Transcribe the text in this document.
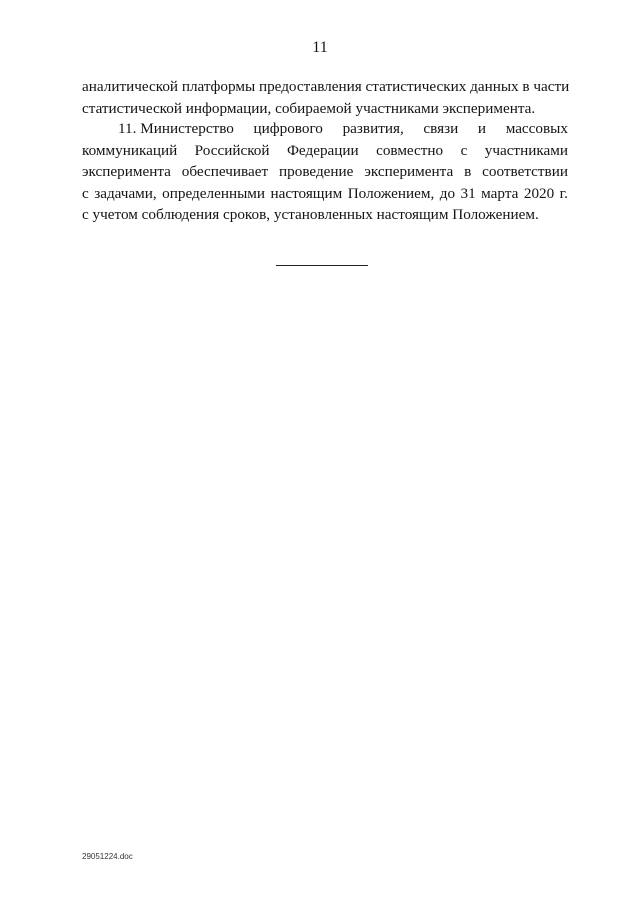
11
аналитической платформы предоставления статистических данных в части
статистической информации, собираемой участниками эксперимента.
11. Министерство цифрового развития, связи и массовых
коммуникаций Российской Федерации совместно с участниками
эксперимента обеспечивает проведение эксперимента в соответствии
с задачами, определенными настоящим Положением, до 31 марта 2020 г.
с учетом соблюдения сроков, установленных настоящим Положением.
29051224.doc
